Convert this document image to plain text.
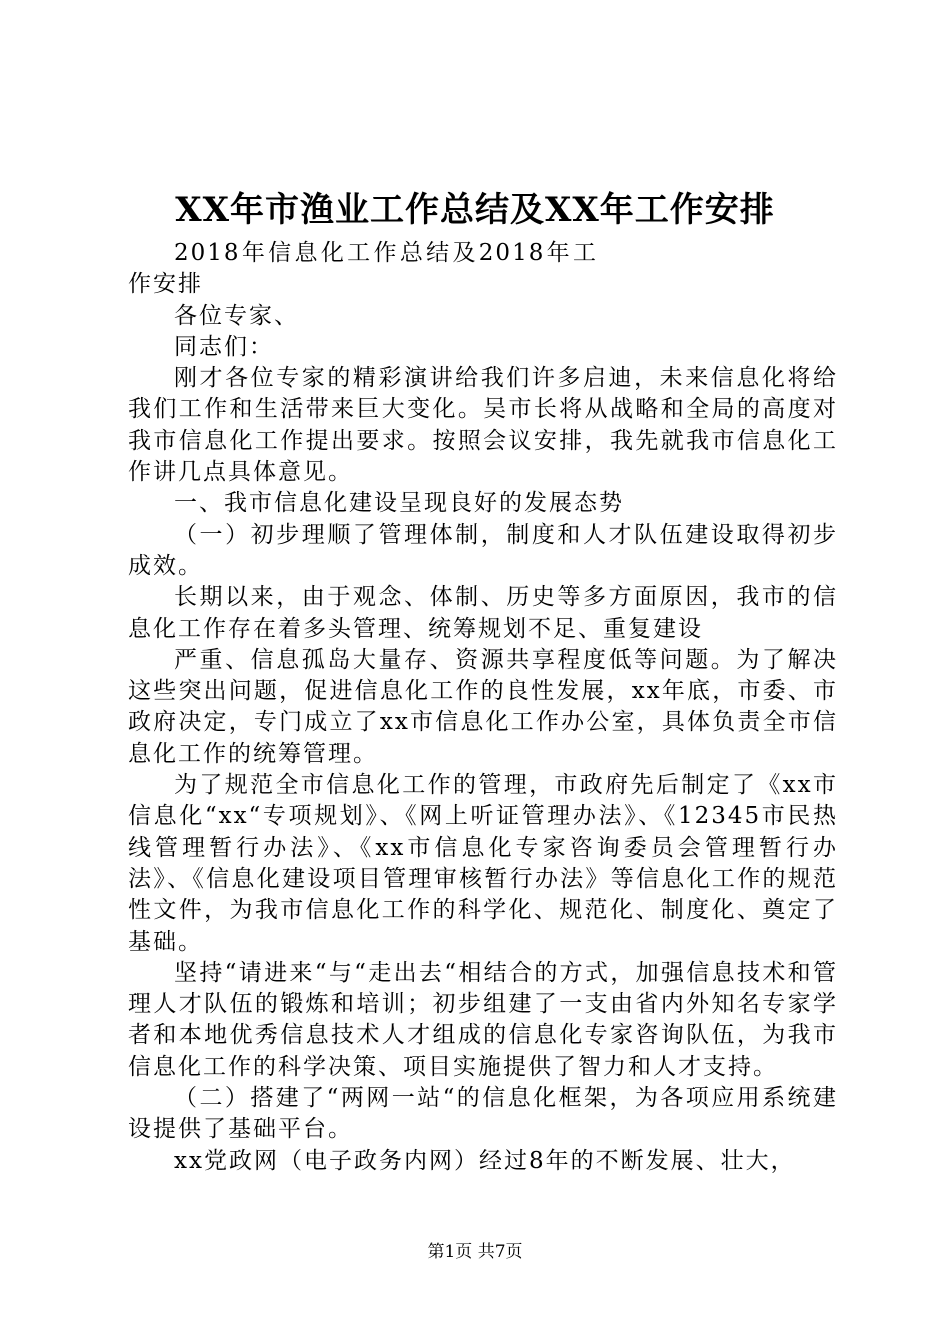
XX年市渔业工作总结及XX年工作安排

2018年信息化工作总结及2018年工作安排

各位专家、

同志们：

刚才各位专家的精彩演讲给我们许多启迪，未来信息化将给我们工作和生活带来巨大变化。吴市长将从战略和全局的高度对我市信息化工作提出要求。按照会议安排，我先就我市信息化工作讲几点具体意见。

一、我市信息化建设呈现良好的发展态势

（一）初步理顺了管理体制，制度和人才队伍建设取得初步成效。

长期以来，由于观念、体制、历史等多方面原因，我市的信息化工作存在着多头管理、统筹规划不足、重复建设

严重、信息孤岛大量存、资源共享程度低等问题。为了解决这些突出问题，促进信息化工作的良性发展，xx年底，市委、市政府决定，专门成立了xx市信息化工作办公室，具体负责全市信息化工作的统筹管理。

为了规范全市信息化工作的管理，市政府先后制定了《xx市信息化“xx“专项规划》、《网上听证管理办法》、《12345市民热线管理暂行办法》、《xx市信息化专家咨询委员会管理暂行办法》、《信息化建设项目管理审核暂行办法》等信息化工作的规范性文件，为我市信息化工作的科学化、规范化、制度化、奠定了基础。

坚持“请进来“与“走出去“相结合的方式，加强信息技术和管理人才队伍的锻炼和培训；初步组建了一支由省内外知名专家学者和本地优秀信息技术人才组成的信息化专家咨询队伍，为我市信息化工作的科学决策、项目实施提供了智力和人才支持。

（二）搭建了“两网一站“的信息化框架，为各项应用系统建设提供了基础平台。

xx党政网（电子政务内网）经过8年的不断发展、壮大，

第1页 共7页
